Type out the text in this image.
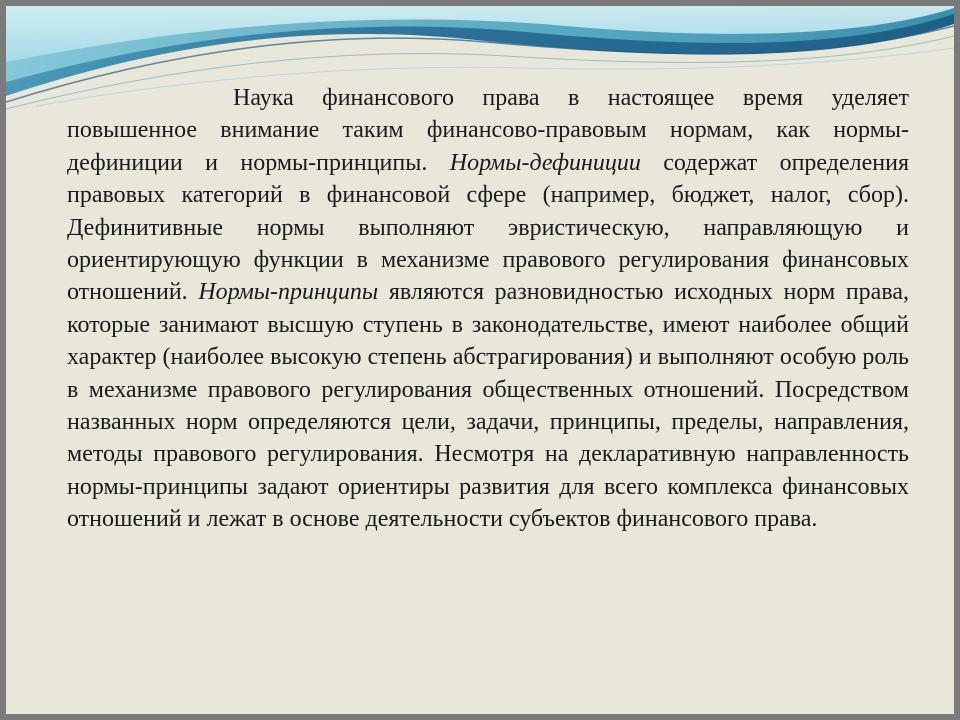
Наука финансового права в настоящее время уделяет повышенное внимание таким финансово-правовым нормам, как нормы-дефиниции и нормы-принципы. Нормы-дефиниции содержат определения правовых категорий в финансовой сфере (например, бюджет, налог, сбор). Дефинитивные нормы выполняют эвристическую, направляющую и ориентирующую функции в механизме правового регулирования финансовых отношений. Нормы-принципы являются разновидностью исходных норм права, которые занимают высшую ступень в законодательстве, имеют наиболее общий характер (наиболее высокую степень абстрагирования) и выполняют особую роль в механизме правового регулирования общественных отношений. Посредством названных норм определяются цели, задачи, принципы, пределы, направления, методы правового регулирования. Несмотря на декларативную направленность нормы-принципы задают ориентиры развития для всего комплекса финансовых отношений и лежат в основе деятельности субъектов финансового права.
